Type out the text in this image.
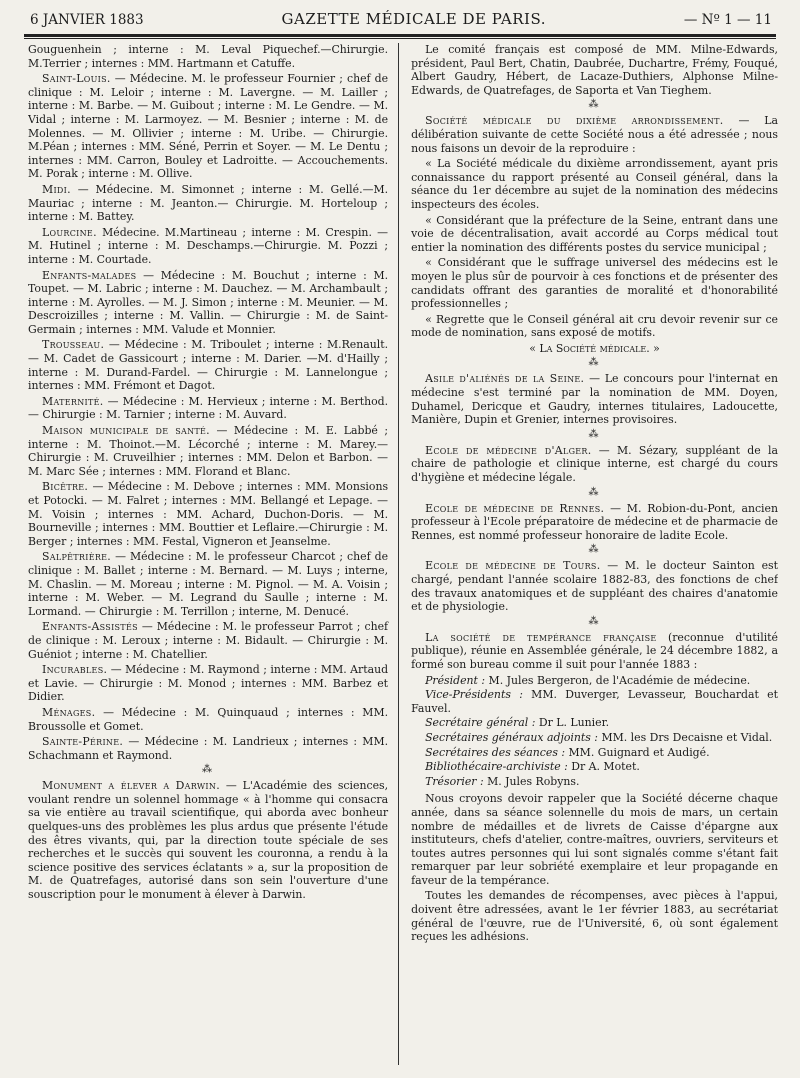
6 JANVIER 1883	GAZETTE MÉDICALE DE PARIS.	— Nº 1 — 11

Gouguenhein ; interne : M. Leval Piquechef.—Chirurgie. M.Terrier ; internes : MM. Hartmann et Catuffe.

Saint-Louis. — Médecine. M. le professeur Fournier ; chef de clinique : M. Leloir ; interne : M. Lavergne. — M. Lailler ; interne : M. Barbe. — M. Guibout ; interne : M. Le Gendre. — M. Vidal ; interne : M. Larmoyez. — M. Besnier ; interne : M. de Molennes. — M. Ollivier ; interne : M. Uribe. — Chirurgie. M.Péan ; internes : MM. Séné, Perrin et Soyer. — M. Le Dentu ; internes : MM. Carron, Bouley et Ladroitte. — Accouchements. M. Porak ; interne : M. Ollive.

Midi. — Médecine. M. Simonnet ; interne : M. Gellé.—M. Mauriac ; interne : M. Jeanton.— Chirurgie. M. Horteloup ; interne : M. Battey.

Lourcine. Médecine. M.Martineau ; interne : M. Crespin. — M. Hutinel ; interne : M. Deschamps.—Chirurgie. M. Pozzi ; interne : M. Courtade.

Enfants-malades — Médecine : M. Bouchut ; interne : M. Toupet. — M. Labric ; interne : M. Dauchez. — M. Archambault ; interne : M. Ayrolles. — M. J. Simon ; interne : M. Meunier. — M. Descroizilles ; interne : M. Vallin. — Chirurgie : M. de Saint-Germain ; internes : MM. Valude et Monnier.

Trousseau. — Médecine : M. Triboulet ; interne : M.Renault. — M. Cadet de Gassicourt ; interne : M. Darier. —M. d'Hailly ; interne : M. Durand-Fardel. — Chirurgie : M. Lannelongue ; internes : MM. Frémont et Dagot.

Maternité. — Médecine : M. Hervieux ; interne : M. Berthod. — Chirurgie : M. Tarnier ; interne : M. Auvard.

Maison municipale de santé. — Médecine : M. E. Labbé ; interne : M. Thoinot.—M. Lécorché ; interne : M. Marey.—Chirurgie : M. Cruveilhier ; internes : MM. Delon et Barbon. —M. Marc Sée ; internes : MM. Florand et Blanc.

Bicêtre. — Médecine : M. Debove ; internes : MM. Monsions et Potocki. — M. Falret ; internes : MM. Bellangé et Lepage. — M. Voisin ; internes : MM. Achard, Duchon-Doris. — M. Bourneville ; internes : MM. Bouttier et Leflaire.—Chirurgie : M. Berger ; internes : MM. Festal, Vigneron et Jeanselme.

Salpêtrière. — Médecine : M. le professeur Charcot ; chef de clinique : M. Ballet ; interne : M. Bernard. — M. Luys ; interne, M. Chaslin. — M. Moreau ; interne : M. Pignol. — M. A. Voisin ; interne : M. Weber. — M. Legrand du Saulle ; interne : M. Lormand. — Chirurgie : M. Terrillon ; interne, M. Denucé.

Enfants-Assistés — Médecine : M. le professeur Parrot ; chef de clinique : M. Leroux ; interne : M. Bidault. — Chirurgie : M. Guéniot ; interne : M. Chatellier.

Incurables. — Médecine : M. Raymond ; interne : MM. Artaud et Lavie. — Chirurgie : M. Monod ; internes : MM. Barbez et Didier.

Ménages. — Médecine : M. Quinquaud ; internes : MM. Broussolle et Gomet.

Sainte-Périne. — Médecine : M. Landrieux ; internes : MM. Schachmann et Raymond.

⁂

Monument a élever a Darwin. — L'Académie des sciences, voulant rendre un solennel hommage « à l'homme qui consacra sa vie entière au travail scientifique, qui aborda avec bonheur quelques-uns des problèmes les plus ardus que présente l'étude des êtres vivants, qui, par la direction toute spéciale de ses recherches et le succès qui souvent les couronna, a rendu à la science positive des services éclatants » a, sur la proposition de M. de Quatrefages, autorisé dans son sein l'ouverture d'une souscription pour le monument à élever à Darwin.

Le comité français est composé de MM. Milne-Edwards, président, Paul Bert, Chatin, Daubrée, Duchartre, Frémy, Fouqué, Albert Gaudry, Hébert, de Lacaze-Duthiers, Alphonse Milne-Edwards, de Quatrefages, de Saporta et Van Tieghem.

⁂

Société médicale du dixième arrondissement. — La délibération suivante de cette Société nous a été adressée ; nous nous faisons un devoir de la reproduire :

« La Société médicale du dixième arrondissement, ayant pris connaissance du rapport présenté au Conseil général, dans la séance du 1er décembre au sujet de la nomination des médecins inspecteurs des écoles.

« Considérant que la préfecture de la Seine, entrant dans une voie de décentralisation, avait accordé au Corps médical tout entier la nomination des différents postes du service municipal ;

« Considérant que le suffrage universel des médecins est le moyen le plus sûr de pourvoir à ces fonctions et de présenter des candidats offrant des garanties de moralité et d'honorabilité professionnelles ;

« Regrette que le Conseil général ait cru devoir revenir sur ce mode de nomination, sans exposé de motifs.

« La Société médicale. »
⁂

Asile d'aliénés de la Seine. — Le concours pour l'internat en médecine s'est terminé par la nomination de MM. Doyen, Duhamel, Dericque et Gaudry, internes titulaires, Ladoucette, Manière, Dupin et Grenier, internes provisoires.

⁂

Ecole de médecine d'Alger. — M. Sézary, suppléant de la chaire de pathologie et clinique interne, est chargé du cours d'hygiène et médecine légale.

⁂

Ecole de médecine de Rennes. — M. Robion-du-Pont, ancien professeur à l'Ecole préparatoire de médecine et de pharmacie de Rennes, est nommé professeur honoraire de ladite Ecole.

⁂

Ecole de médecine de Tours. — M. le docteur Sainton est chargé, pendant l'année scolaire 1882-83, des fonctions de chef des travaux anatomiques et de suppléant des chaires d'anatomie et de physiologie.

⁂

La société de tempérance française (reconnue d'utilité publique), réunie en Assemblée générale, le 24 décembre 1882, a formé son bureau comme il suit pour l'année 1883 :

Président : M. Jules Bergeron, de l'Académie de médecine.

Vice-Présidents : MM. Duverger, Levasseur, Bouchardat et Fauvel.

Secrétaire général : Dr L. Lunier.

Secrétaires généraux adjoints : MM. les Drs Decaisne et Vidal.

Secrétaires des séances : MM. Guignard et Audigé.

Bibliothécaire-archiviste : Dr A. Motet.

Trésorier : M. Jules Robyns.

Nous croyons devoir rappeler que la Société décerne chaque année, dans sa séance solennelle du mois de mars, un certain nombre de médailles et de livrets de Caisse d'épargne aux instituteurs, chefs d'atelier, contre-maîtres, ouvriers, serviteurs et toutes autres personnes qui lui sont signalés comme s'étant fait remarquer par leur sobriété exemplaire et leur propagande en faveur de la tempérance.

Toutes les demandes de récompenses, avec pièces à l'appui, doivent être adressées, avant le 1er février 1883, au secrétariat général de l'œuvre, rue de l'Université, 6, où sont également reçues les adhésions.
